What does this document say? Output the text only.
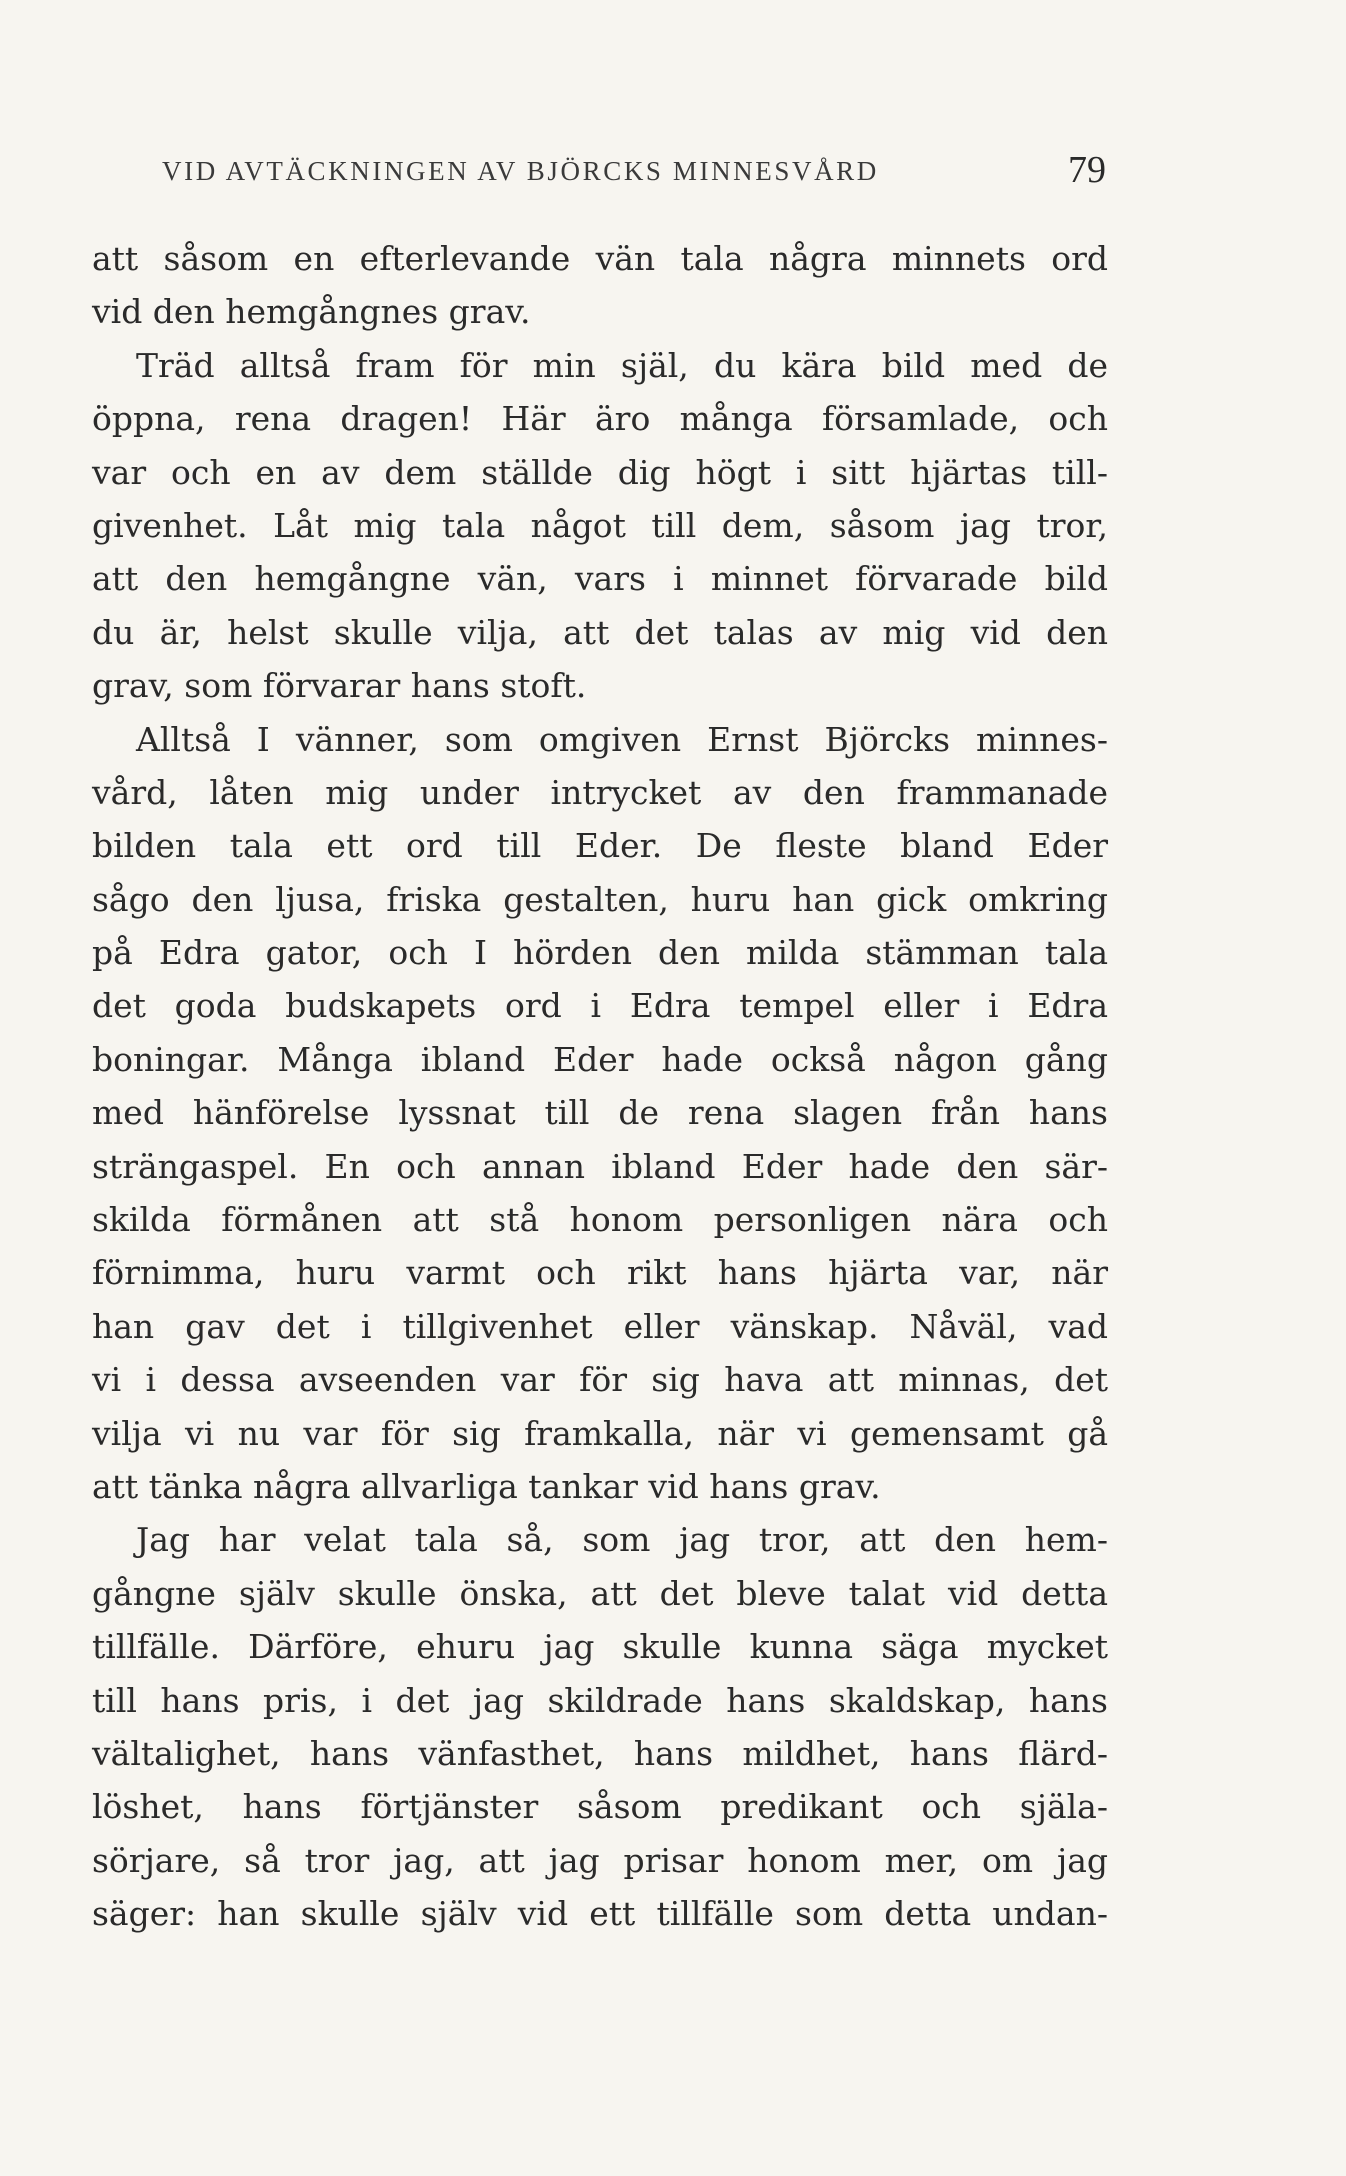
VID AVTÄCKNINGEN AV BJÖRCKS MINNESVÅRD	79
att såsom en efterlevande vän tala några minnets ord
vid den hemgångnes grav.
Träd alltså fram för min själ, du kära bild med de
öppna, rena dragen! Här äro många församlade, och
var och en av dem ställde dig högt i sitt hjärtas till-
givenhet. Låt mig tala något till dem, såsom jag tror,
att den hemgångne vän, vars i minnet förvarade bild
du är, helst skulle vilja, att det talas av mig vid den
grav, som förvarar hans stoft.
Alltså I vänner, som omgiven Ernst Björcks minnes-
vård, låten mig under intrycket av den frammanade
bilden tala ett ord till Eder. De fleste bland Eder
sågo den ljusa, friska gestalten, huru han gick omkring
på Edra gator, och I hörden den milda stämman tala
det goda budskapets ord i Edra tempel eller i Edra
boningar. Många ibland Eder hade också någon gång
med hänförelse lyssnat till de rena slagen från hans
strängaspel. En och annan ibland Eder hade den sär-
skilda förmånen att stå honom personligen nära och
förnimma, huru varmt och rikt hans hjärta var, när
han gav det i tillgivenhet eller vänskap. Nåväl, vad
vi i dessa avseenden var för sig hava att minnas, det
vilja vi nu var för sig framkalla, när vi gemensamt gå
att tänka några allvarliga tankar vid hans grav.
Jag har velat tala så, som jag tror, att den hem-
gångne själv skulle önska, att det bleve talat vid detta
tillfälle. Därföre, ehuru jag skulle kunna säga mycket
till hans pris, i det jag skildrade hans skaldskap, hans
vältalighet, hans vänfasthet, hans mildhet, hans flärd-
löshet, hans förtjänster såsom predikant och själa-
sörjare, så tror jag, att jag prisar honom mer, om jag
säger: han skulle själv vid ett tillfälle som detta undan-
